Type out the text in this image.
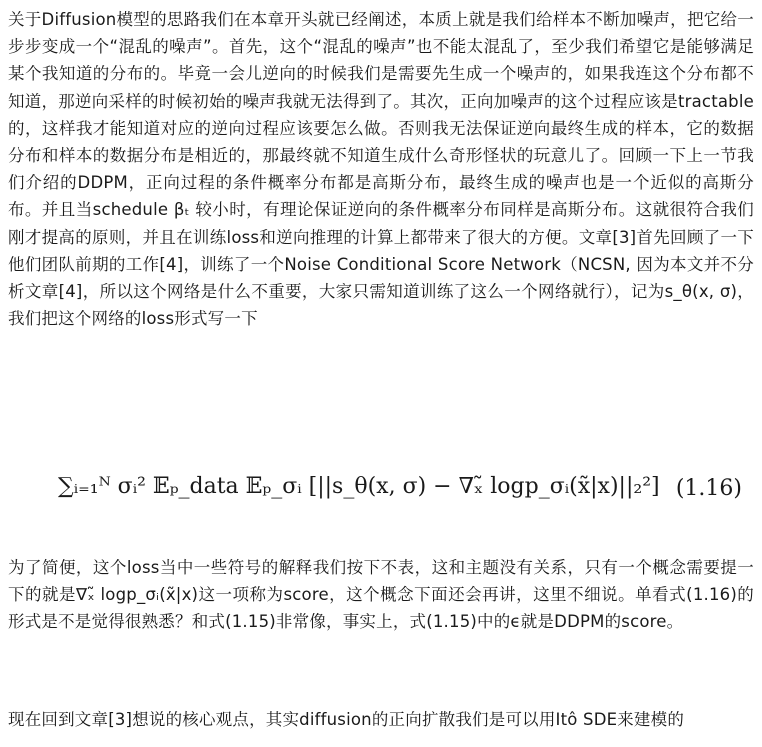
关于Diffusion模型的思路我们在本章开头就已经阐述，本质上就是我们给样本不断加噪声，把它给一步步变成一个“混乱的噪声”。首先，这个“混乱的噪声”也不能太混乱了，至少我们希望它是能够满足某个我知道的分布的。毕竟一会儿逆向的时候我们是需要先生成一个噪声的，如果我连这个分布都不知道，那逆向采样的时候初始的噪声我就无法得到了。其次，正向加噪声的这个过程应该是tractable的，这样我才能知道对应的逆向过程应该要怎么做。否则我无法保证逆向最终生成的样本，它的数据分布和样本的数据分布是相近的，那最终就不知道生成什么奇形怪状的玩意儿了。回顾一下上一节我们介绍的DDPM，正向过程的条件概率分布都是高斯分布，最终生成的噪声也是一个近似的高斯分布。并且当schedule βₜ 较小时，有理论保证逆向的条件概率分布同样是高斯分布。这就很符合我们刚才提高的原则，并且在训练loss和逆向推理的计算上都带来了很大的方便。文章[3]首先回顾了一下他们团队前期的工作[4]，训练了一个Noise Conditional Score Network（NCSN, 因为本文并不分析文章[4]，所以这个网络是什么不重要，大家只需知道训练了这么一个网络就行），记为s_θ(x, σ)，我们把这个网络的loss形式写一下

∑ᵢ₌₁ᴺ σᵢ² 𝔼ₚ_data 𝔼ₚ_σᵢ [||s_θ(x, σ) − ∇ₓ̃ logp_σᵢ(x̃|x)||₂²] (1.16)

为了简便，这个loss当中一些符号的解释我们按下不表，这和主题没有关系，只有一个概念需要提一下的就是∇ₓ̃ logp_σᵢ(x̃|x)这一项称为score，这个概念下面还会再讲，这里不细说。单看式(1.16)的形式是不是觉得很熟悉？和式(1.15)非常像，事实上，式(1.15)中的ϵ就是DDPM的score。

现在回到文章[3]想说的核心观点，其实diffusion的正向扩散我们是可以用Itô SDE来建模的
